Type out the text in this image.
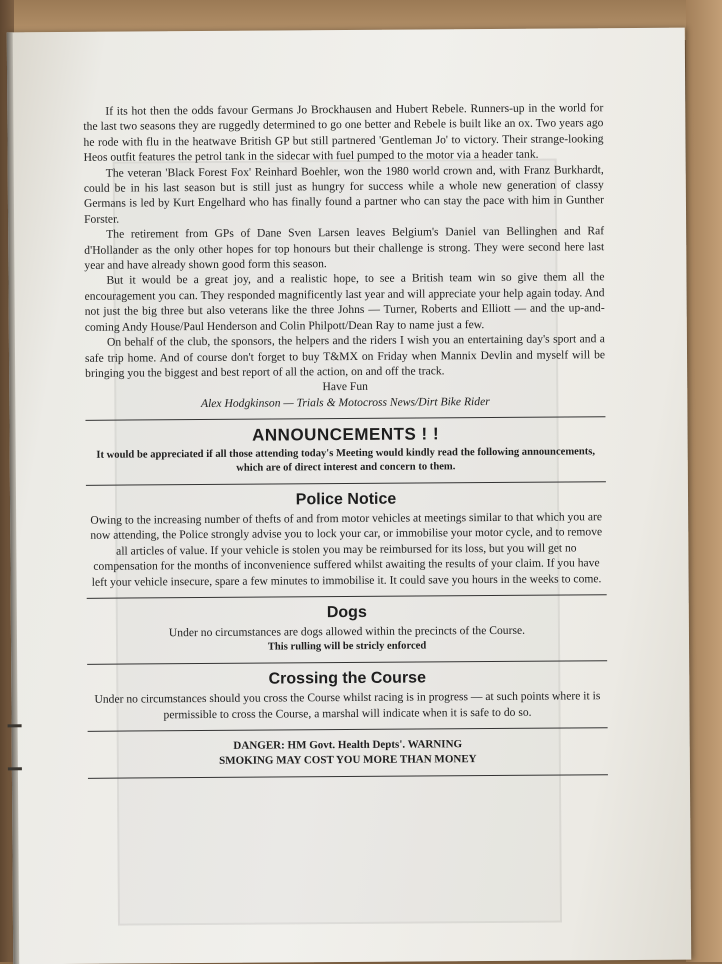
If its hot then the odds favour Germans Jo Brockhausen and Hubert Rebele. Runners-up in the world for the last two seasons they are ruggedly determined to go one better and Rebele is built like an ox. Two years ago he rode with flu in the heatwave British GP but still partnered 'Gentleman Jo' to victory. Their strange-looking Heos outfit features the petrol tank in the sidecar with fuel pumped to the motor via a header tank.

The veteran 'Black Forest Fox' Reinhard Boehler, won the 1980 world crown and, with Franz Burkhardt, could be in his last season but is still just as hungry for success while a whole new generation of classy Germans is led by Kurt Engelhard who has finally found a partner who can stay the pace with him in Gunther Forster.

The retirement from GPs of Dane Sven Larsen leaves Belgium's Daniel van Bellinghen and Raf d'Hollander as the only other hopes for top honours but their challenge is strong. They were second here last year and have already shown good form this season.

But it would be a great joy, and a realistic hope, to see a British team win so give them all the encouragement you can. They responded magnificently last year and will appreciate your help again today. And not just the big three but also veterans like the three Johns — Turner, Roberts and Elliott — and the up-and-coming Andy House/Paul Henderson and Colin Philpott/Dean Ray to name just a few.

On behalf of the club, the sponsors, the helpers and the riders I wish you an entertaining day's sport and a safe trip home. And of course don't forget to buy T&MX on Friday when Mannix Devlin and myself will be bringing you the biggest and best report of all the action, on and off the track.

Have Fun

Alex Hodgkinson — Trials & Motocross News/Dirt Bike Rider

ANNOUNCEMENTS ! !

It would be appreciated if all those attending today's Meeting would kindly read the following announcements, which are of direct interest and concern to them.

Police Notice

Owing to the increasing number of thefts of and from motor vehicles at meetings similar to that which you are now attending, the Police strongly advise you to lock your car, or immobilise your motor cycle, and to remove all articles of value. If your vehicle is stolen you may be reimbursed for its loss, but you will get no compensation for the months of inconvenience suffered whilst awaiting the results of your claim. If you have left your vehicle insecure, spare a few minutes to immobilise it. It could save you hours in the weeks to come.

Dogs

Under no circumstances are dogs allowed within the precincts of the Course.

This rulling will be stricly enforced

Crossing the Course

Under no circumstances should you cross the Course whilst racing is in progress — at such points where it is permissible to cross the Course, a marshal will indicate when it is safe to do so.

DANGER: HM Govt. Health Depts'. WARNING

SMOKING MAY COST YOU MORE THAN MONEY
